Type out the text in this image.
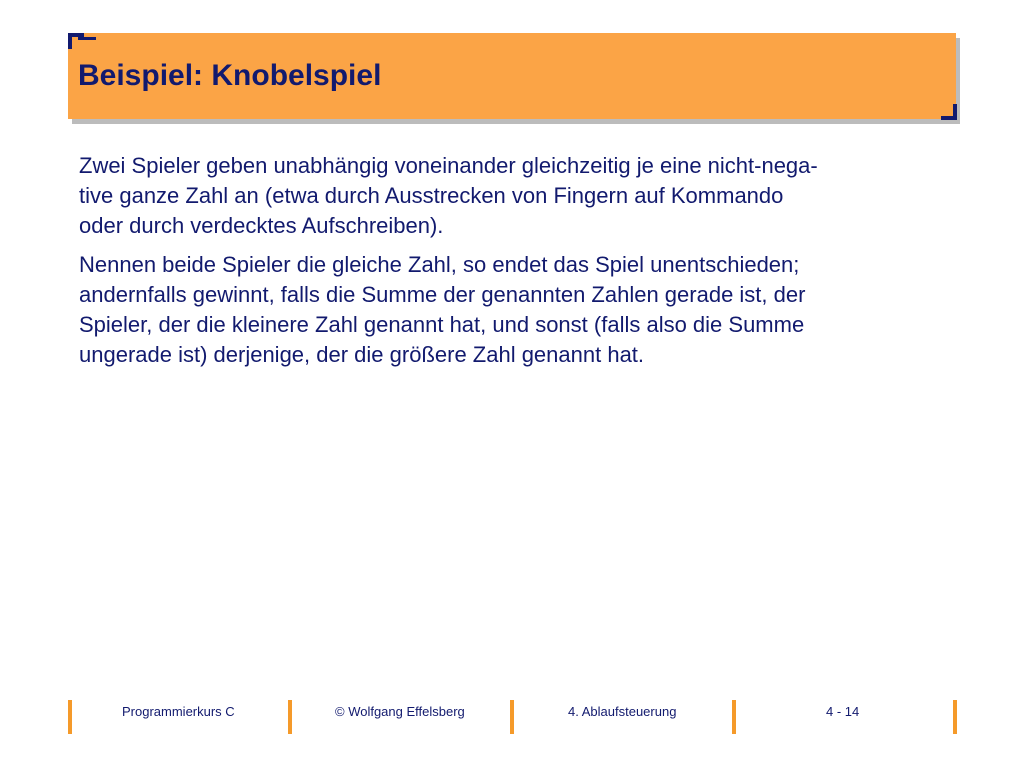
Beispiel: Knobelspiel

Zwei Spieler geben unabhängig voneinander gleichzeitig je eine nicht-nega-
tive ganze Zahl an (etwa durch Ausstrecken von Fingern auf Kommando
oder durch verdecktes Aufschreiben).

Nennen beide Spieler die gleiche Zahl, so endet das Spiel unentschieden;
andernfalls gewinnt, falls die Summe der genannten Zahlen gerade ist, der
Spieler, der die kleinere Zahl genannt hat, und sonst (falls also die Summe
ungerade ist) derjenige, der die größere Zahl genannt hat.

Programmierkurs C	© Wolfgang Effelsberg	4. Ablaufsteuerung	4 - 14
